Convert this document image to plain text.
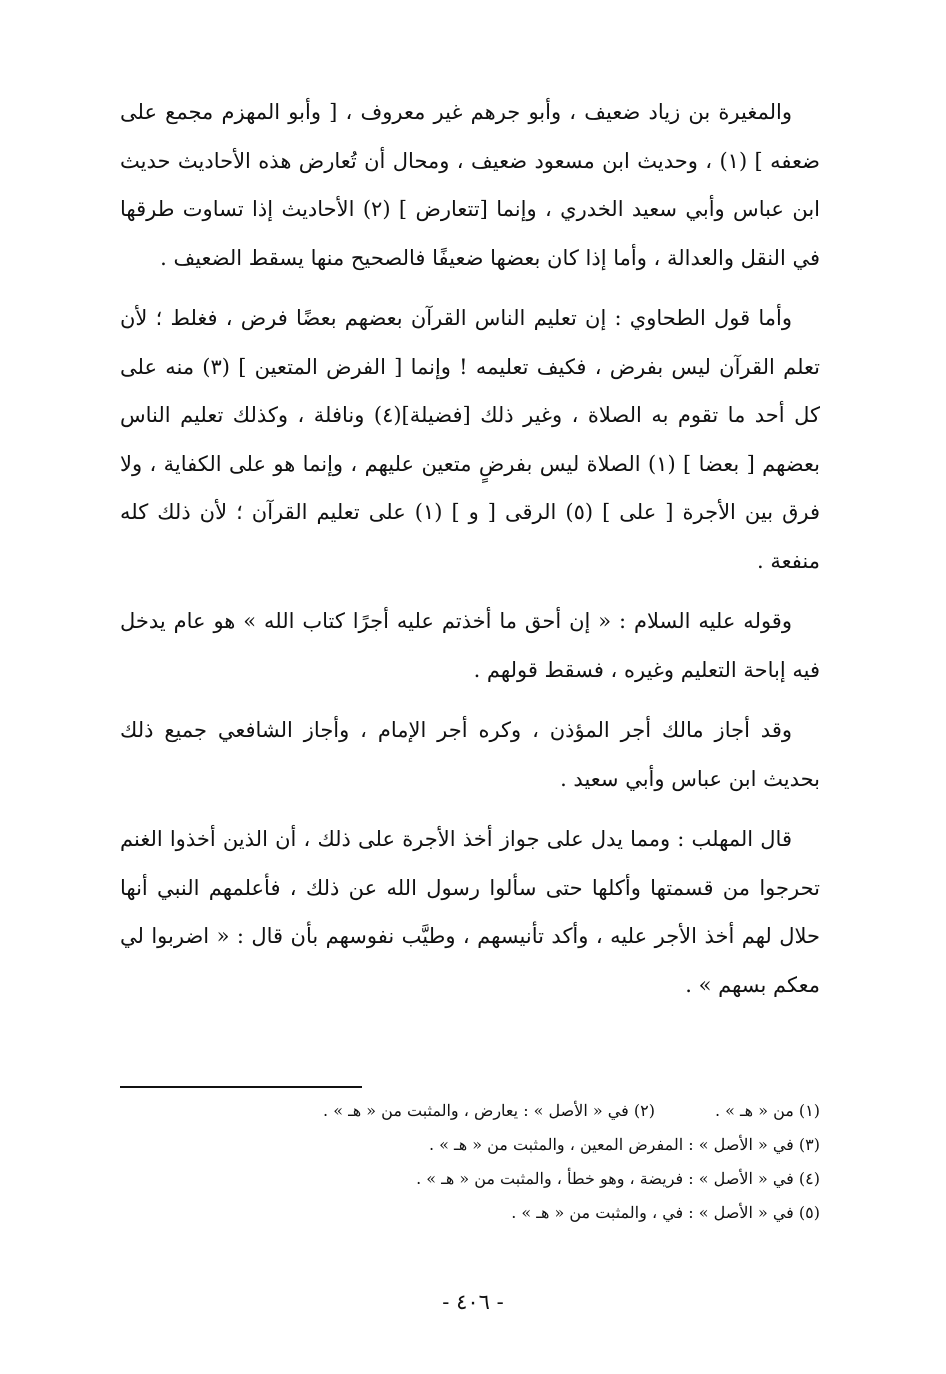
والمغيرة بن زياد ضعيف ، وأبو جرهم غير معروف ، [ وأبو المهزم مجمع على ضعفه ] (١) ، وحديث ابن مسعود ضعيف ، ومحال أن تُعارض هذه الأحاديث حديث ابن عباس وأبي سعيد الخدري ، وإنما [تتعارض ] (٢) الأحاديث إذا تساوت طرقها في النقل والعدالة ، وأما إذا كان بعضها ضعيفًا فالصحيح منها يسقط الضعيف .

وأما قول الطحاوي : إن تعليم الناس القرآن بعضهم بعضًا فرض ، فغلط ؛ لأن تعلم القرآن ليس بفرض ، فكيف تعليمه ! وإنما [ الفرض المتعين ] (٣) منه على كل أحد ما تقوم به الصلاة ، وغير ذلك [فضيلة](٤) ونافلة ، وكذلك تعليم الناس بعضهم [ بعضا ] (١) الصلاة ليس بفرضٍ متعين عليهم ، وإنما هو على الكفاية ، ولا فرق بين الأجرة [ على ] (٥) الرقى [ و ] (١) على تعليم القرآن ؛ لأن ذلك كله منفعة .

وقوله عليه السلام : « إن أحق ما أخذتم عليه أجرًا كتاب الله » هو عام يدخل فيه إباحة التعليم وغيره ، فسقط قولهم .

وقد أجاز مالك أجر المؤذن ، وكره أجر الإمام ، وأجاز الشافعي جميع ذلك بحديث ابن عباس وأبي سعيد .

قال المهلب : ومما يدل على جواز أخذ الأجرة على ذلك ، أن الذين أخذوا الغنم تحرجوا من قسمتها وأكلها حتى سألوا رسول الله عن ذلك ، فأعلمهم النبي أنها حلال لهم أخذ الأجر عليه ، وأكد تأنيسهم ، وطيَّب نفوسهم بأن قال : « اضربوا لي معكم بسهم » .

(١) من « هـ » .
(٢) في « الأصل » : يعارض ، والمثبت من « هـ » .
(٣) في « الأصل » : المفرض المعين ، والمثبت من « هـ » .
(٤) في « الأصل » : فريضة ، وهو خطأ ، والمثبت من « هـ » .
(٥) في « الأصل » : في ، والمثبت من « هـ » .
- ٤٠٦ -
